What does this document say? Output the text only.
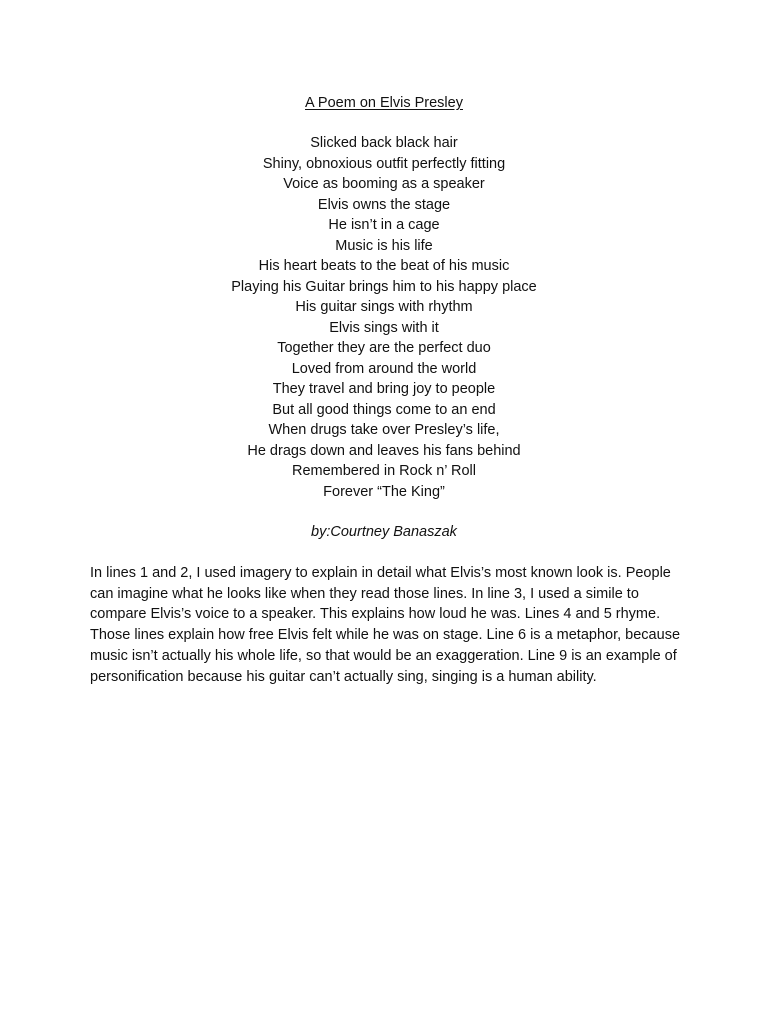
A Poem on Elvis Presley
Slicked back black hair
Shiny, obnoxious outfit perfectly fitting
Voice as booming as a speaker
Elvis owns the stage
He isn’t in a cage
Music is his life
His heart beats to the beat of his music
Playing his Guitar brings him to his happy place
His guitar sings with rhythm
Elvis sings with it
Together they are the perfect duo
Loved from around the world
They travel and bring joy to people
But all good things come to an end
When drugs take over Presley’s life,
He drags down and leaves his fans behind
Remembered in Rock n’ Roll
Forever “The King”
by:Courtney Banaszak

In lines 1 and 2, I used imagery to explain in detail what Elvis’s most known look is. People can imagine what he looks like when they read those lines. In line 3, I used a simile to compare Elvis’s voice to a speaker. This explains how loud he was. Lines 4 and 5 rhyme. Those lines explain how free Elvis felt while he was on stage. Line 6 is a metaphor, because music isn’t actually his whole life, so that would be an exaggeration. Line 9 is an example of personification because his guitar can’t actually sing, singing is a human ability.
